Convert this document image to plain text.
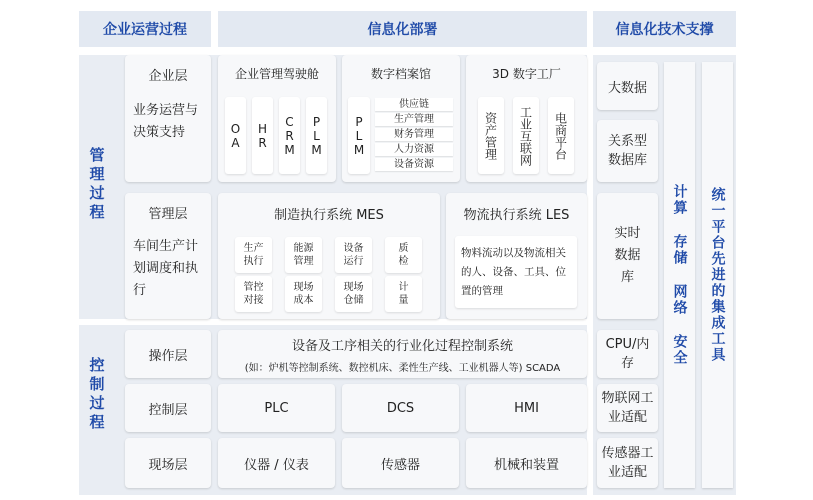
企业运营过程	信息化部署	信息化技术支撑
管理过程
控制过程
企业层
业务运营与决策支持
企业管理驾驶舱
OA HR CRM PLM
数字档案馆
PLM
供应链
生产管理
财务管理
人力资源
设备资源
3D 数字工厂
资产管理	工业互联网	电商平台
管理层
车间生产计划调度和执行
制造执行系统 MES
生产执行
能源管理
设备运行
质检
管控对接
现场成本
现场仓储
计量
物流执行系统 LES
物料流动以及物流相关的人、设备、工具、位置的管理
操作层
设备及工序相关的行业化过程控制系统
(如：炉机等控制系统、数控机床、柔性生产线、工业机器人等) SCADA
控制层	PLC	DCS	HMI
现场层	仪器 / 仪表	传感器	机械和装置
大数据
关系型数据库
实时数据库
CPU/内存
物联网工业适配
传感器工业适配
计算 存储 网络 安全	统一平台先进的集成工具
